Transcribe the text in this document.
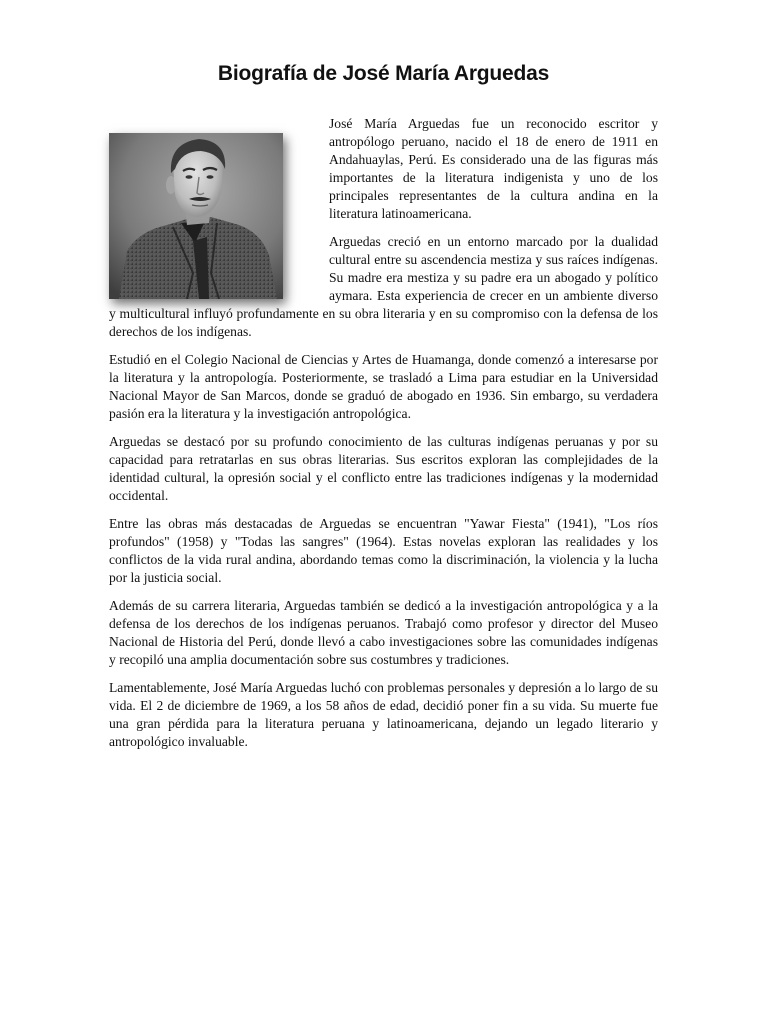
Biografía de José María Arguedas

José María Arguedas fue un reconocido escritor y antropólogo peruano, nacido el 18 de enero de 1911 en Andahuaylas, Perú. Es considerado una de las figuras más importantes de la literatura indigenista y uno de los principales representantes de la cultura andina en la literatura latinoamericana.

Arguedas creció en un entorno marcado por la dualidad cultural entre su ascendencia mestiza y sus raíces indígenas. Su madre era mestiza y su padre era un abogado y político aymara. Esta experiencia de crecer en un ambiente diverso y multicultural influyó profundamente en su obra literaria y en su compromiso con la defensa de los derechos de los indígenas.

Estudió en el Colegio Nacional de Ciencias y Artes de Huamanga, donde comenzó a interesarse por la literatura y la antropología. Posteriormente, se trasladó a Lima para estudiar en la Universidad Nacional Mayor de San Marcos, donde se graduó de abogado en 1936. Sin embargo, su verdadera pasión era la literatura y la investigación antropológica.

Arguedas se destacó por su profundo conocimiento de las culturas indígenas peruanas y por su capacidad para retratarlas en sus obras literarias. Sus escritos exploran las complejidades de la identidad cultural, la opresión social y el conflicto entre las tradiciones indígenas y la modernidad occidental.

Entre las obras más destacadas de Arguedas se encuentran "Yawar Fiesta" (1941), "Los ríos profundos" (1958) y "Todas las sangres" (1964). Estas novelas exploran las realidades y los conflictos de la vida rural andina, abordando temas como la discriminación, la violencia y la lucha por la justicia social.

Además de su carrera literaria, Arguedas también se dedicó a la investigación antropológica y a la defensa de los derechos de los indígenas peruanos. Trabajó como profesor y director del Museo Nacional de Historia del Perú, donde llevó a cabo investigaciones sobre las comunidades indígenas y recopiló una amplia documentación sobre sus costumbres y tradiciones.

Lamentablemente, José María Arguedas luchó con problemas personales y depresión a lo largo de su vida. El 2 de diciembre de 1969, a los 58 años de edad, decidió poner fin a su vida. Su muerte fue una gran pérdida para la literatura peruana y latinoamericana, dejando un legado literario y antropológico invaluable.
